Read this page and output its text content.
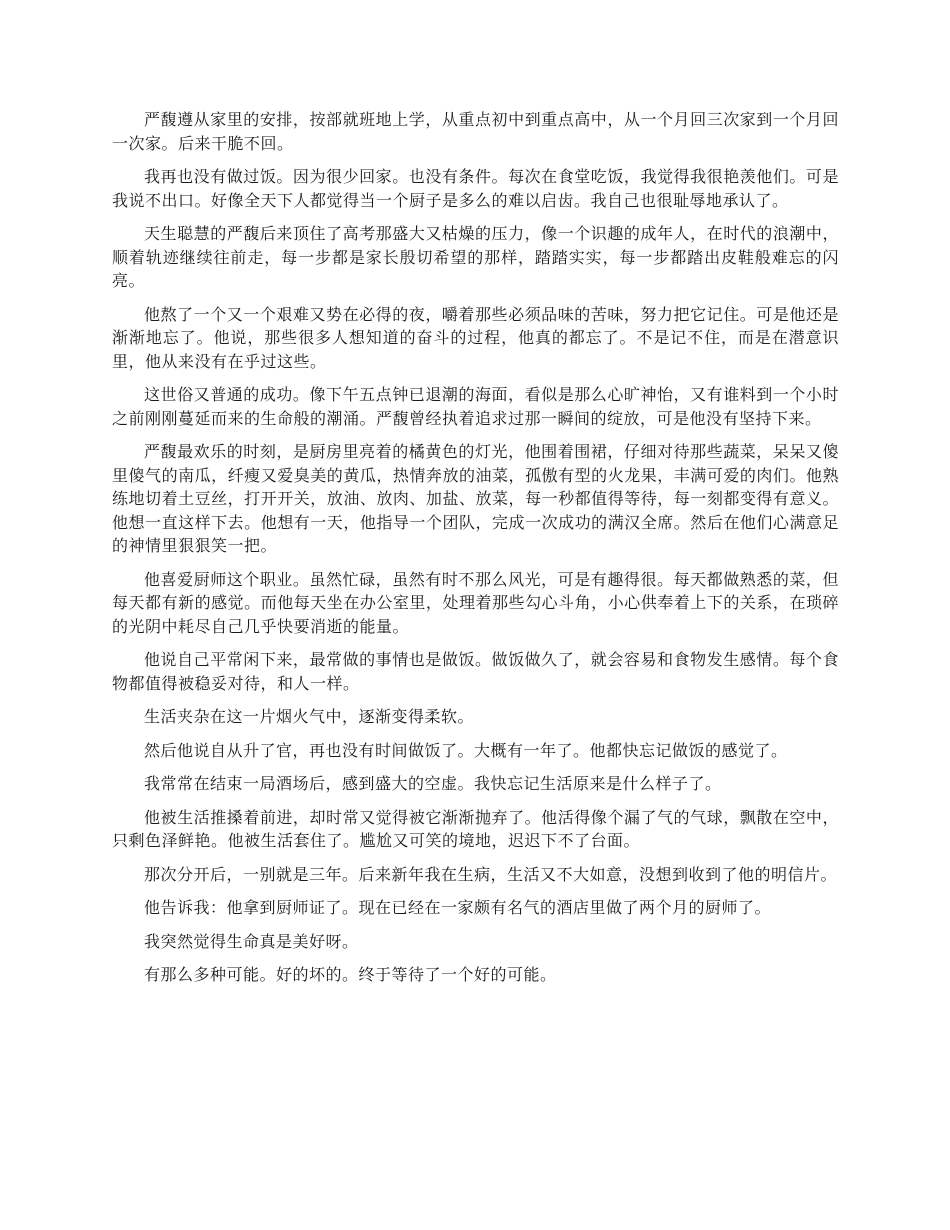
严馥遵从家里的安排，按部就班地上学，从重点初中到重点高中，从一个月回三次家到一个月回一次家。后来干脆不回。

我再也没有做过饭。因为很少回家。也没有条件。每次在食堂吃饭，我觉得我很艳羡他们。可是我说不出口。好像全天下人都觉得当一个厨子是多么的难以启齿。我自己也很耻辱地承认了。

天生聪慧的严馥后来顶住了高考那盛大又枯燥的压力，像一个识趣的成年人，在时代的浪潮中，顺着轨迹继续往前走，每一步都是家长殷切希望的那样，踏踏实实，每一步都踏出皮鞋般难忘的闪亮。

他熬了一个又一个艰难又势在必得的夜，嚼着那些必须品味的苦味，努力把它记住。可是他还是渐渐地忘了。他说，那些很多人想知道的奋斗的过程，他真的都忘了。不是记不住，而是在潜意识里，他从来没有在乎过这些。

这世俗又普通的成功。像下午五点钟已退潮的海面，看似是那么心旷神怡，又有谁料到一个小时之前刚刚蔓延而来的生命般的潮涌。严馥曾经执着追求过那一瞬间的绽放，可是他没有坚持下来。

严馥最欢乐的时刻，是厨房里亮着的橘黄色的灯光，他围着围裙，仔细对待那些蔬菜，呆呆又傻里傻气的南瓜，纤瘦又爱臭美的黄瓜，热情奔放的油菜，孤傲有型的火龙果，丰满可爱的肉们。他熟练地切着土豆丝，打开开关，放油、放肉、加盐、放菜，每一秒都值得等待，每一刻都变得有意义。他想一直这样下去。他想有一天，他指导一个团队，完成一次成功的满汉全席。然后在他们心满意足的神情里狠狠笑一把。

他喜爱厨师这个职业。虽然忙碌，虽然有时不那么风光，可是有趣得很。每天都做熟悉的菜，但每天都有新的感觉。而他每天坐在办公室里，处理着那些勾心斗角，小心供奉着上下的关系，在琐碎的光阴中耗尽自己几乎快要消逝的能量。

他说自己平常闲下来，最常做的事情也是做饭。做饭做久了，就会容易和食物发生感情。每个食物都值得被稳妥对待，和人一样。

生活夹杂在这一片烟火气中，逐渐变得柔软。

然后他说自从升了官，再也没有时间做饭了。大概有一年了。他都快忘记做饭的感觉了。

我常常在结束一局酒场后，感到盛大的空虚。我快忘记生活原来是什么样子了。

他被生活推搡着前进，却时常又觉得被它渐渐抛弃了。他活得像个漏了气的气球，飘散在空中，只剩色泽鲜艳。他被生活套住了。尴尬又可笑的境地，迟迟下不了台面。

那次分开后，一别就是三年。后来新年我在生病，生活又不大如意，没想到收到了他的明信片。

他告诉我：他拿到厨师证了。现在已经在一家颇有名气的酒店里做了两个月的厨师了。

我突然觉得生命真是美好呀。

有那么多种可能。好的坏的。终于等待了一个好的可能。
